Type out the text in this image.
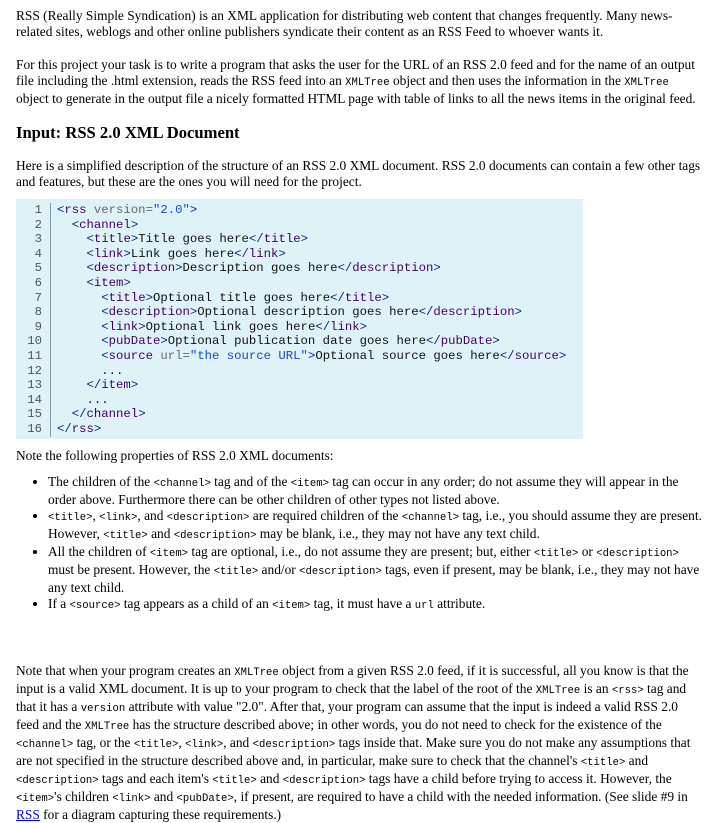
RSS (Really Simple Syndication) is an XML application for distributing web content that changes frequently. Many news-related sites, weblogs and other online publishers syndicate their content as an RSS Feed to whoever wants it.

For this project your task is to write a program that asks the user for the URL of an RSS 2.0 feed and for the name of an output file including the .html extension, reads the RSS feed into an XMLTree object and then uses the information in the XMLTree object to generate in the output file a nicely formatted HTML page with table of links to all the news items in the original feed.

Input: RSS 2.0 XML Document

Here is a simplified description of the structure of an RSS 2.0 XML document. RSS 2.0 documents can contain a few other tags and features, but these are the ones you will need for the project.

1	<rss version="2.0">
2	<channel>
3	<title>Title goes here</title>
4	<link>Link goes here</link>
5	<description>Description goes here</description>
6	<item>
7	<title>Optional title goes here</title>
8	<description>Optional description goes here</description>
9	<link>Optional link goes here</link>
10	<pubDate>Optional publication date goes here</pubDate>
11	<source url="the source URL">Optional source goes here</source>
12	...
13	</item>
14	...
15	</channel>
16	</rss>

Note the following properties of RSS 2.0 XML documents:

• The children of the <channel> tag and of the <item> tag can occur in any order; do not assume they will appear in the order above. Furthermore there can be other children of other types not listed above.
• <title>, <link>, and <description> are required children of the <channel> tag, i.e., you should assume they are present. However, <title> and <description> may be blank, i.e., they may not have any text child.
• All the children of <item> tag are optional, i.e., do not assume they are present; but, either <title> or <description> must be present. However, the <title> and/or <description> tags, even if present, may be blank, i.e., they may not have any text child.
• If a <source> tag appears as a child of an <item> tag, it must have a url attribute.

Note that when your program creates an XMLTree object from a given RSS 2.0 feed, if it is successful, all you know is that the input is a valid XML document. It is up to your program to check that the label of the root of the XMLTree is an <rss> tag and that it has a version attribute with value "2.0". After that, your program can assume that the input is indeed a valid RSS 2.0 feed and the XMLTree has the structure described above; in other words, you do not need to check for the existence of the <channel> tag, or the <title>, <link>, and <description> tags inside that. Make sure you do not make any assumptions that are not specified in the structure described above and, in particular, make sure to check that the channel's <title> and <description> tags and each item's <title> and <description> tags have a child before trying to access it. However, the <item>'s children <link> and <pubDate>, if present, are required to have a child with the needed information. (See slide #9 in RSS for a diagram capturing these requirements.)
